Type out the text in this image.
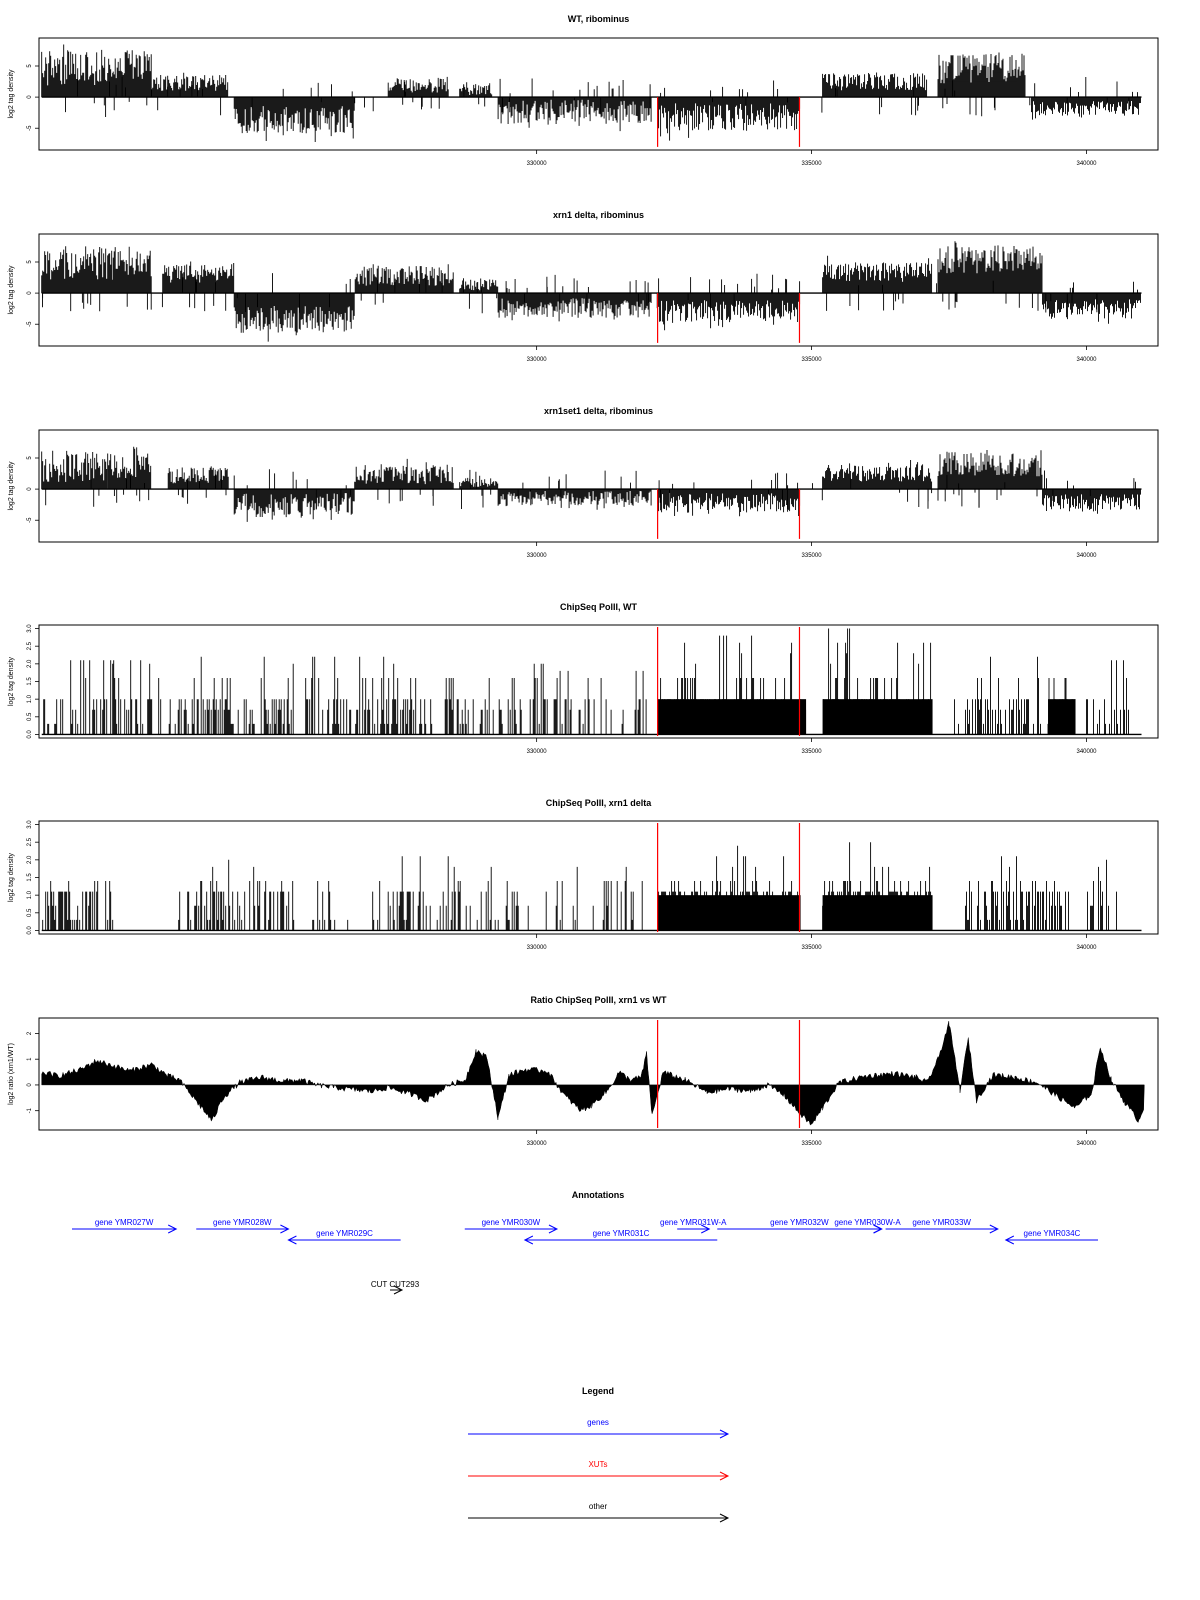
WT, ribominus
5
0
-5
log2 tag density
330000	335000	340000
xrn1 delta, ribominus
5
0
-5
log2 tag density
330000	335000	340000
xrn1set1 delta, ribominus
5
0
-5
log2 tag density
330000	335000	340000
ChipSeq PolII, WT
3.0
2.5
2.0
1.5
1.0
0.5
0.0
log2 tag density
330000	335000	340000
ChipSeq PolII, xrn1 delta
3.0
2.5
2.0
1.5
1.0
0.5
0.0
log2 tag density
330000	335000	340000
Ratio ChipSeq PolII, xrn1 vs WT
2
1
0
-1
log2 ratio (xrn1/WT)
330000	335000	340000
Annotations
gene YMR027W	gene YMR028W
gene YMR029C
gene YMR030W
gene YMR031C
gene YMR031W-A	gene YMR032W gene YMR030W-A gene YMR033W
gene YMR034C
CUT CUT293
Legend
genes
XUTs
other
